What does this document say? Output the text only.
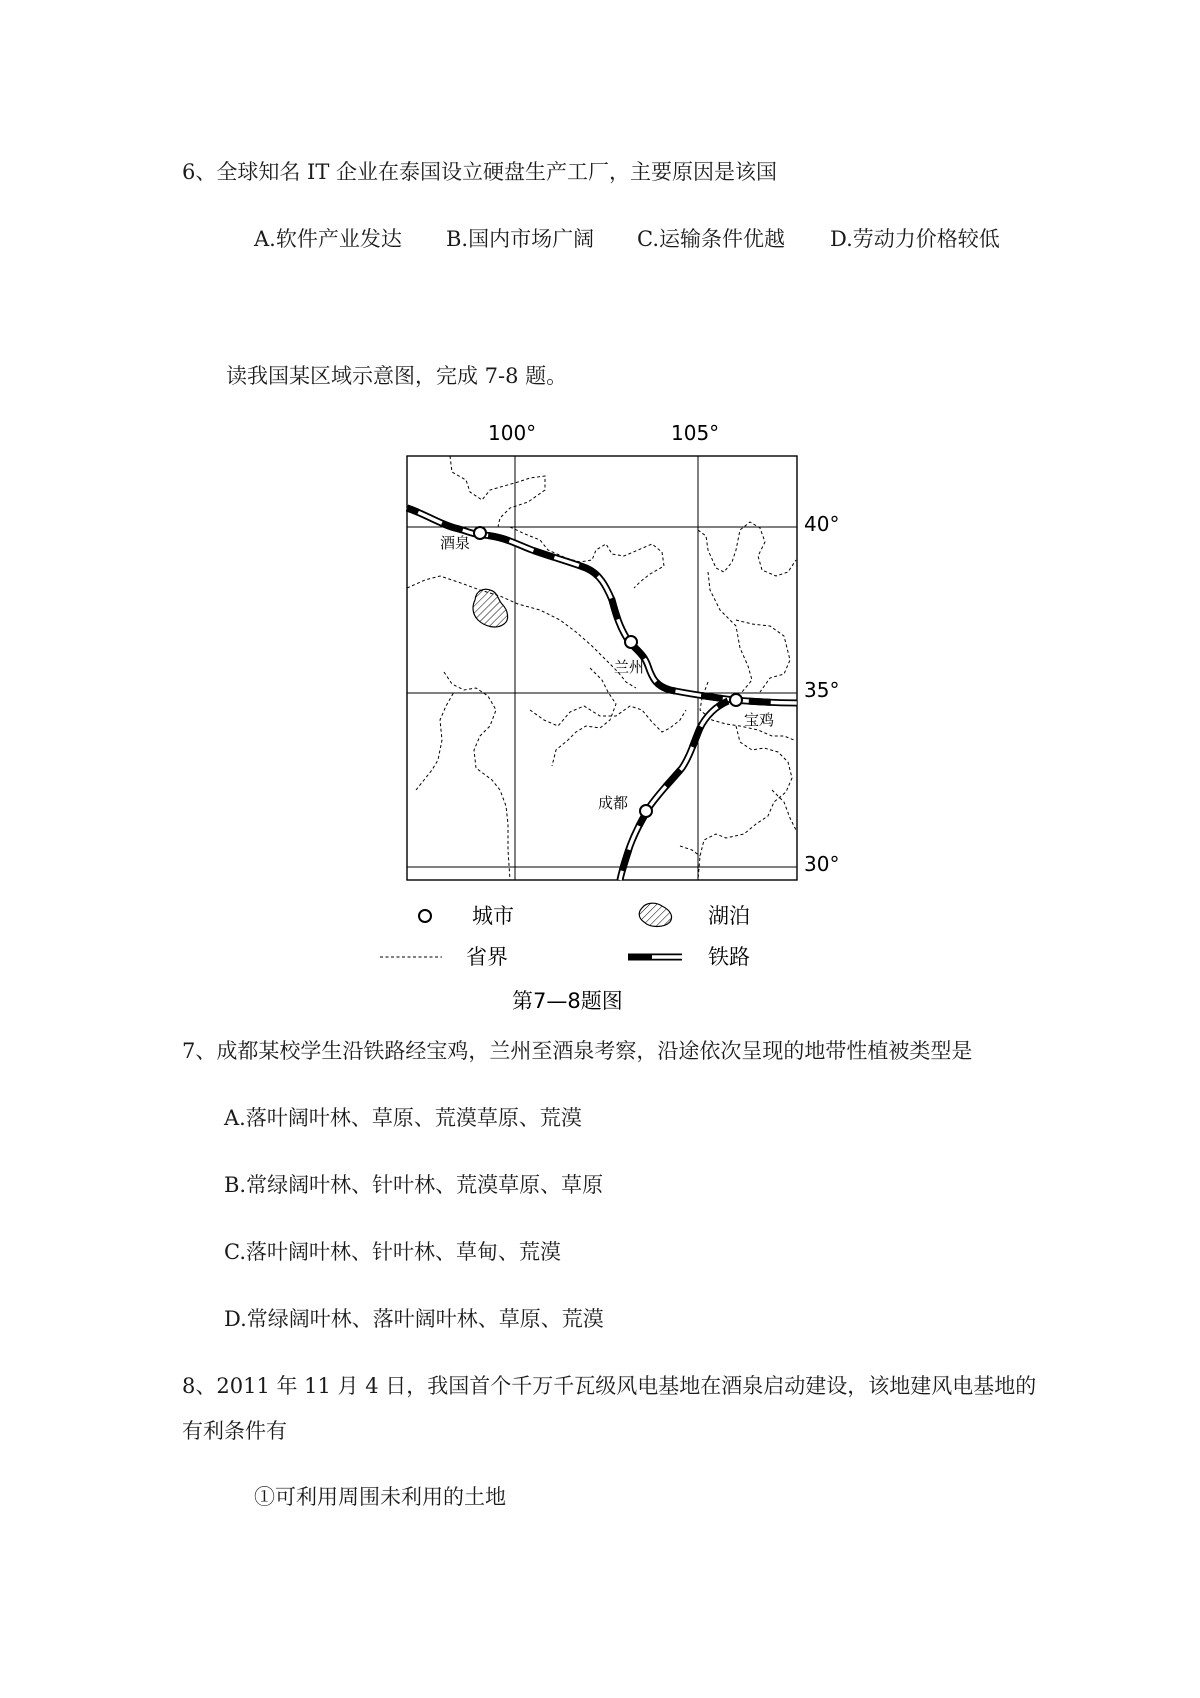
6、全球知名 IT 企业在泰国设立硬盘生产工厂，主要原因是该国
A.软件产业发达 B.国内市场广阔 C.运输条件优越 D.劳动力价格较低
读我国某区域示意图，完成 7-8 题。
100°	105°
40°
35°
30°
酒泉
兰州
宝鸡
成都
城市	湖泊
省界	铁路
第7—8题图
7、成都某校学生沿铁路经宝鸡，兰州至酒泉考察，沿途依次呈现的地带性植被类型是
A.落叶阔叶林、草原、荒漠草原、荒漠
B.常绿阔叶林、针叶林、荒漠草原、草原
C.落叶阔叶林、针叶林、草甸、荒漠
D.常绿阔叶林、落叶阔叶林、草原、荒漠
8、2011 年 11 月 4 日，我国首个千万千瓦级风电基地在酒泉启动建设，该地建风电基地的
有利条件有
①可利用周围未利用的土地
